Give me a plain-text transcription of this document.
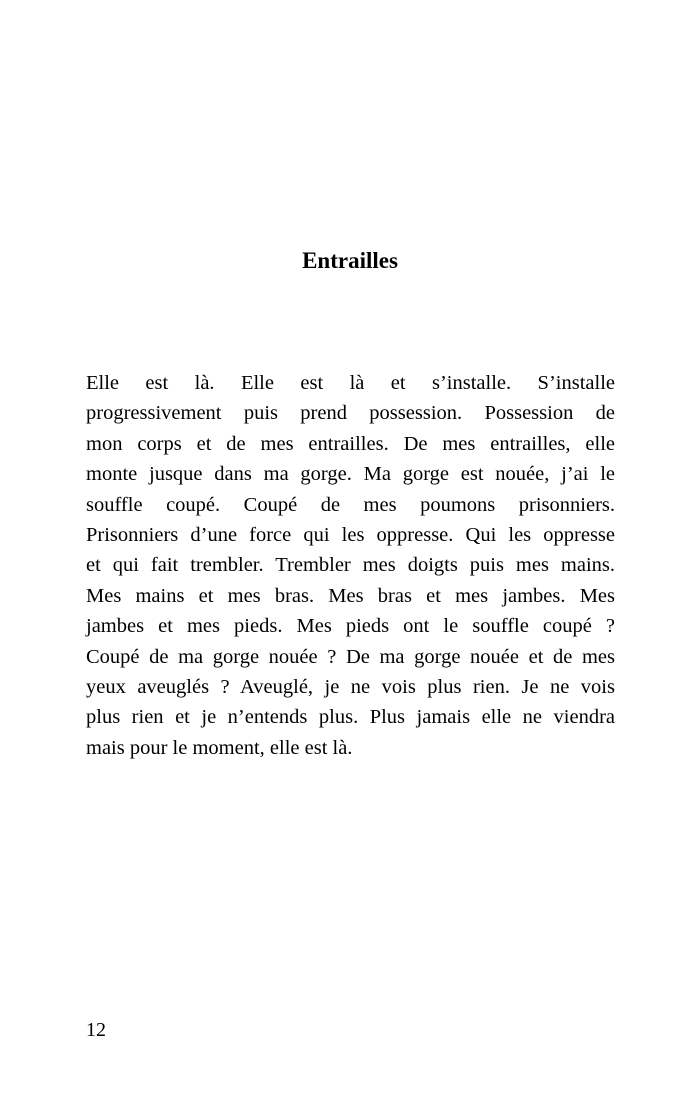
Entrailles
Elle est là. Elle est là et s’installe. S’installe
progressivement puis prend possession. Possession de
mon corps et de mes entrailles. De mes entrailles, elle
monte jusque dans ma gorge. Ma gorge est nouée, j’ai le
souffle coupé. Coupé de mes poumons prisonniers.
Prisonniers d’une force qui les oppresse. Qui les oppresse
et qui fait trembler. Trembler mes doigts puis mes mains.
Mes mains et mes bras. Mes bras et mes jambes. Mes
jambes et mes pieds. Mes pieds ont le souffle coupé ?
Coupé de ma gorge nouée ? De ma gorge nouée et de mes
yeux aveuglés ? Aveuglé, je ne vois plus rien. Je ne vois
plus rien et je n’entends plus. Plus jamais elle ne viendra
mais pour le moment, elle est là.
12
